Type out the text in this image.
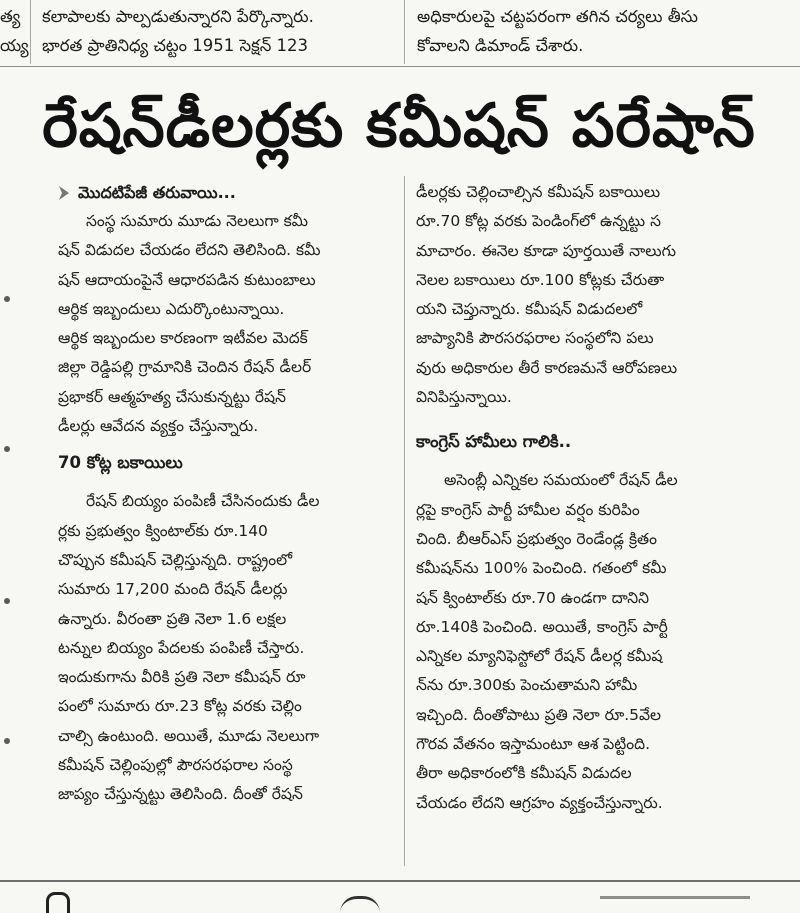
త్య
య్య
కలాపాలకు పాల్పడుతున్నారని పేర్కొన్నారు.
భారత ప్రాతినిధ్య చట్టం 1951 సెక్షన్ 123
అధికారులపై చట్టపరంగా తగిన చర్యలు తీసు
కోవాలని డిమాండ్ చేశారు.
రేషన్‌డీలర్లకు కమీషన్ పరేషాన్
మొదటిపేజీ తరువాయి...
సంస్థ సుమారు మూడు నెలలుగా కమీ
షన్ విడుదల చేయడం లేదని తెలిసింది. కమీ
షన్ ఆదాయంపైనే ఆధారపడిన కుటుంబాలు
ఆర్థిక ఇబ్బందులు ఎదుర్కొంటున్నాయి.
ఆర్థిక ఇబ్బందుల కారణంగా ఇటీవల మెదక్
జిల్లా రెడ్డిపల్లి గ్రామానికి చెందిన రేషన్ డీలర్
ప్రభాకర్ ఆత్మహత్య చేసుకున్నట్టు రేషన్
డీలర్లు ఆవేదన వ్యక్తం చేస్తున్నారు.
70 కోట్ల బకాయిలు
రేషన్ బియ్యం పంపిణీ చేసినందుకు డీల
ర్లకు ప్రభుత్వం క్వింటాల్‌కు రూ.140
చొప్పున కమీషన్ చెల్లిస్తున్నది. రాష్ట్రంలో
సుమారు 17,200 మంది రేషన్ డీలర్లు
ఉన్నారు. వీరంతా ప్రతి నెలా 1.6 లక్షల
టన్నుల బియ్యం పేదలకు పంపిణీ చేస్తారు.
ఇందుకుగాను వీరికి ప్రతి నెలా కమీషన్ రూ
పంలో సుమారు రూ.23 కోట్ల వరకు చెల్లిం
చాల్సి ఉంటుంది. అయితే, మూడు నెలలుగా
కమీషన్ చెల్లింపుల్లో పౌరసరఫరాల సంస్థ
జాప్యం చేస్తున్నట్టు తెలిసింది. దీంతో రేషన్
డీలర్లకు చెల్లించాల్సిన కమీషన్ బకాయిలు
రూ.70 కోట్ల వరకు పెండింగ్‌లో ఉన్నట్టు స
మాచారం. ఈనెల కూడా పూర్తయితే నాలుగు
నెలల బకాయిలు రూ.100 కోట్లకు చేరుతా
యని చెప్తున్నారు. కమీషన్ విడుదలలో
జాప్యానికి పౌరసరఫరాల సంస్థలోని పలు
వురు అధికారుల తీరే కారణమనే ఆరోపణలు
వినిపిస్తున్నాయి.
కాంగ్రెస్ హామీలు గాలికి..
అసెంబ్లీ ఎన్నికల సమయంలో రేషన్ డీల
ర్లపై కాంగ్రెస్ పార్టీ హామీల వర్షం కురిపిం
చింది. బీఆర్ఎస్ ప్రభుత్వం రెండేండ్ల క్రితం
కమీషన్‌ను 100% పెంచింది. గతంలో కమీ
షన్ క్వింటాల్‌కు రూ.70 ఉండగా దానిని
రూ.140కి పెంచింది. అయితే, కాంగ్రెస్ పార్టీ
ఎన్నికల మ్యానిఫెస్టోలో రేషన్ డీలర్ల కమీష
న్‌ను రూ.300కు పెంచుతామని హామీ
ఇచ్చింది. దీంతోపాటు ప్రతి నెలా రూ.5వేల
గౌరవ వేతనం ఇస్తామంటూ ఆశ పెట్టింది.
తీరా అధికారంలోకి కమీషన్ విడుదల
చేయడం లేదని ఆగ్రహం వ్యక్తంచేస్తున్నారు.
